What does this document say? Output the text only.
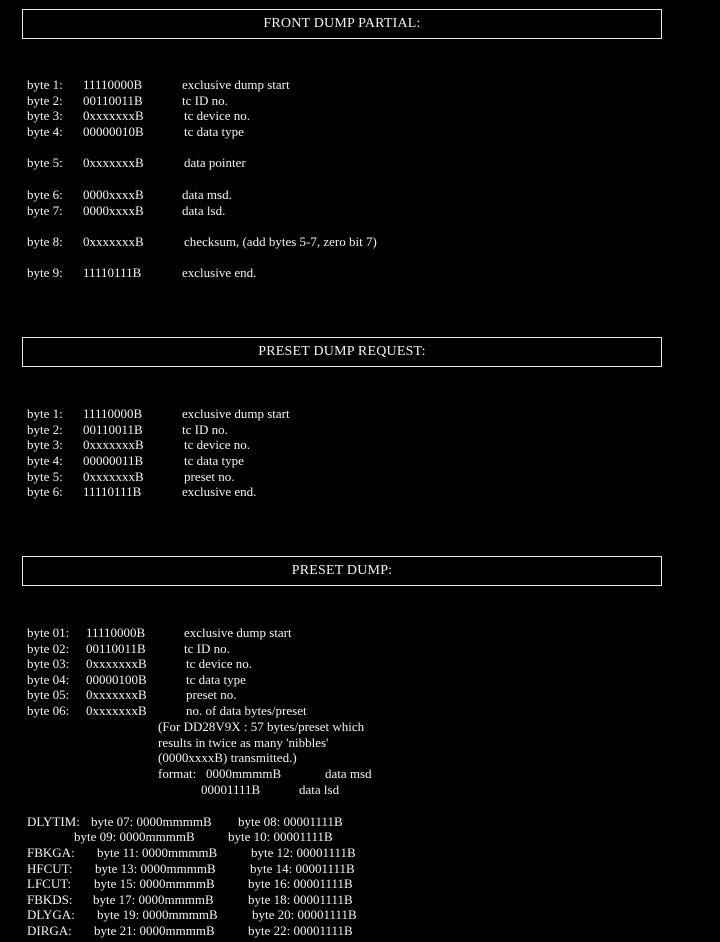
FRONT DUMP PARTIAL:
byte 1: 11110000B	exclusive dump start
byte 2: 00110011B	tc ID no.
byte 3: 0xxxxxxxB	tc device no.
byte 4: 00000010B	tc data type
byte 5: 0xxxxxxxB	data pointer
byte 6: 0000xxxxB	data msd.
byte 7: 0000xxxxB	data lsd.
byte 8: 0xxxxxxxB	checksum, (add bytes 5-7, zero bit 7)
byte 9: 11110111B	exclusive end.
PRESET DUMP REQUEST:
byte 1: 11110000B	exclusive dump start
byte 2: 00110011B	tc ID no.
byte 3: 0xxxxxxxB	tc device no.
byte 4: 00000011B	tc data type
byte 5: 0xxxxxxxB	preset no.
byte 6: 11110111B	exclusive end.
PRESET DUMP:
byte 01: 11110000B	exclusive dump start
byte 02: 00110011B	tc ID no.
byte 03: 0xxxxxxxB	tc device no.
byte 04: 00000100B	tc data type
byte 05: 0xxxxxxxB	preset no.
byte 06: 0xxxxxxxB	no. of data bytes/preset
(For DD28V9X : 57 bytes/preset which
results in twice as many 'nibbles'
(0000xxxxB) transmitted.)
format: 0000mmmmB	data msd
00001111B	data lsd
DLYTIM: byte 07: 0000mmmmB byte 08: 00001111B
byte 09: 0000mmmmB	byte 10: 00001111B
FBKGA: byte 11: 0000mmmmB	byte 12: 00001111B
HFCUT: byte 13: 0000mmmmB	byte 14: 00001111B
LFCUT: byte 15: 0000mmmmB	byte 16: 00001111B
FBKDS: byte 17: 0000mmmmB	byte 18: 00001111B
DLYGA: byte 19: 0000mmmmB	byte 20: 00001111B
DIRGA: byte 21: 0000mmmmB	byte 22: 00001111B
